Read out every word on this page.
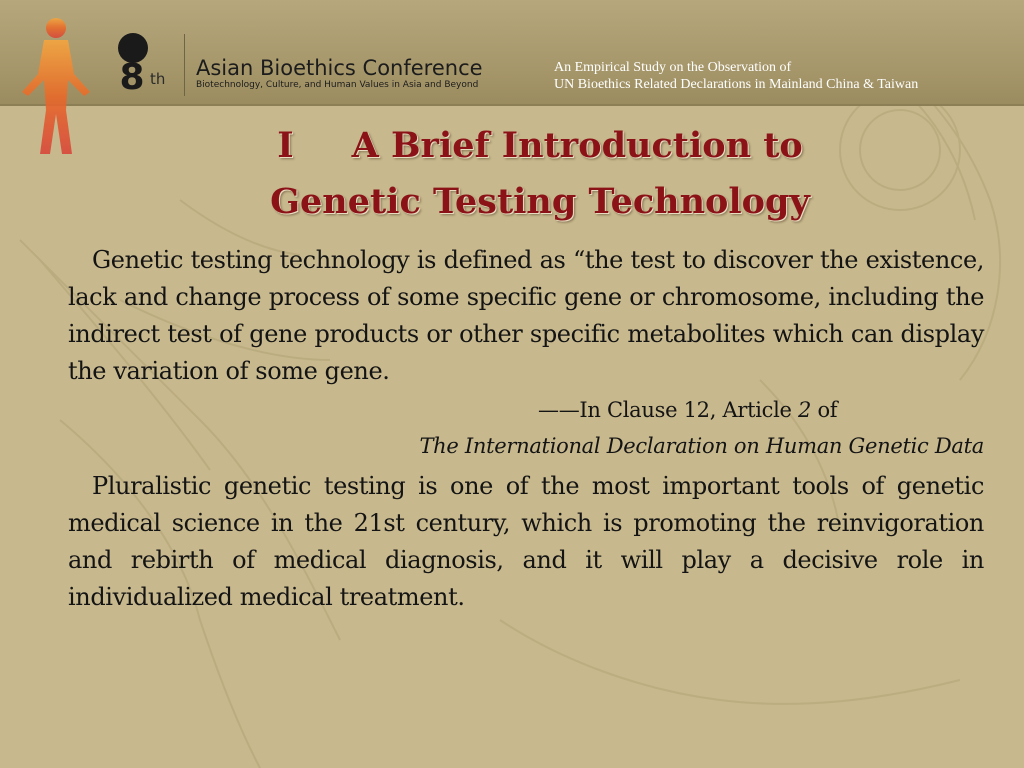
8 th Asian Bioethics Conference
Biotechnology, Culture, and Human Values in Asia and Beyond
An Empirical Study on the Observation of
UN Bioethics Related Declarations in Mainland China & Taiwan
I A Brief Introduction to
Genetic Testing Technology

Genetic testing technology is defined as “the test to discover the existence, lack and change process of some specific gene or chromosome, including the indirect test of gene products or other specific metabolites which can display the variation of some gene.

——In Clause 12, Article 2 of

The International Declaration on Human Genetic Data

Pluralistic genetic testing is one of the most important tools of genetic medical science in the 21st century, which is promoting the reinvigoration and rebirth of medical diagnosis, and it will play a decisive role in individualized medical treatment.
